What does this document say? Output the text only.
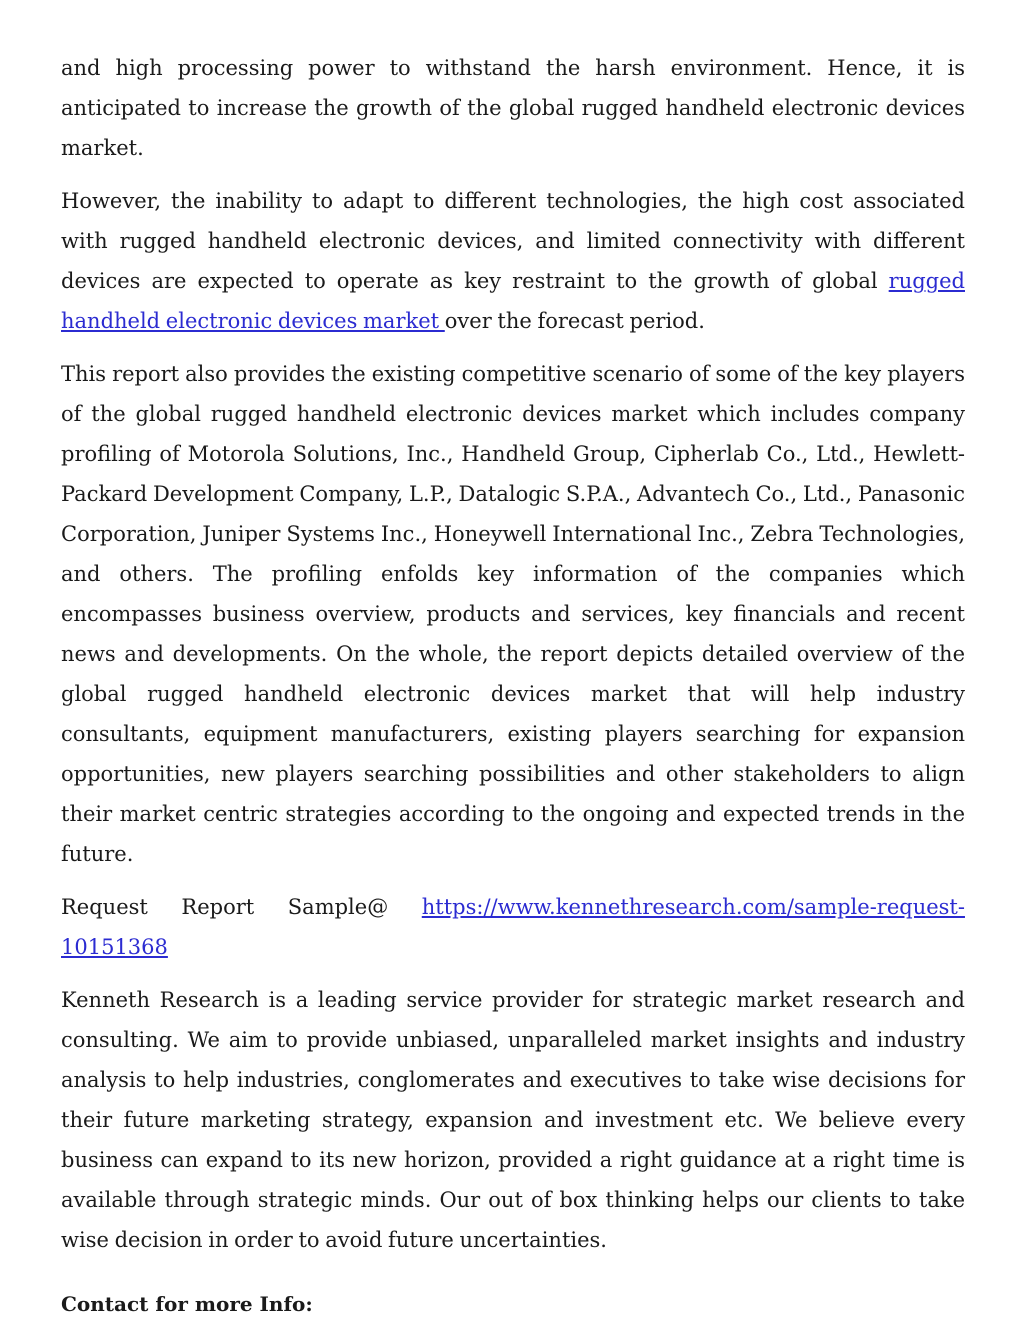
and high processing power to withstand the harsh environment. Hence, it is anticipated to increase the growth of the global rugged handheld electronic devices market.

However, the inability to adapt to different technologies, the high cost associated with rugged handheld electronic devices, and limited connectivity with different devices are expected to operate as key restraint to the growth of global rugged handheld electronic devices market over the forecast period.

This report also provides the existing competitive scenario of some of the key players of the global rugged handheld electronic devices market which includes company profiling of Motorola Solutions, Inc., Handheld Group, Cipherlab Co., Ltd., Hewlett-Packard Development Company, L.P., Datalogic S.P.A., Advantech Co., Ltd., Panasonic Corporation, Juniper Systems Inc., Honeywell International Inc., Zebra Technologies, and others. The profiling enfolds key information of the companies which encompasses business overview, products and services, key financials and recent news and developments. On the whole, the report depicts detailed overview of the global rugged handheld electronic devices market that will help industry consultants, equipment manufacturers, existing players searching for expansion opportunities, new players searching possibilities and other stakeholders to align their market centric strategies according to the ongoing and expected trends in the future.

Request Report Sample@ https://www.kennethresearch.com/sample-request-
10151368

Kenneth Research is a leading service provider for strategic market research and consulting. We aim to provide unbiased, unparalleled market insights and industry analysis to help industries, conglomerates and executives to take wise decisions for their future marketing strategy, expansion and investment etc. We believe every business can expand to its new horizon, provided a right guidance at a right time is available through strategic minds. Our out of box thinking helps our clients to take wise decision in order to avoid future uncertainties.

Contact for more Info:
